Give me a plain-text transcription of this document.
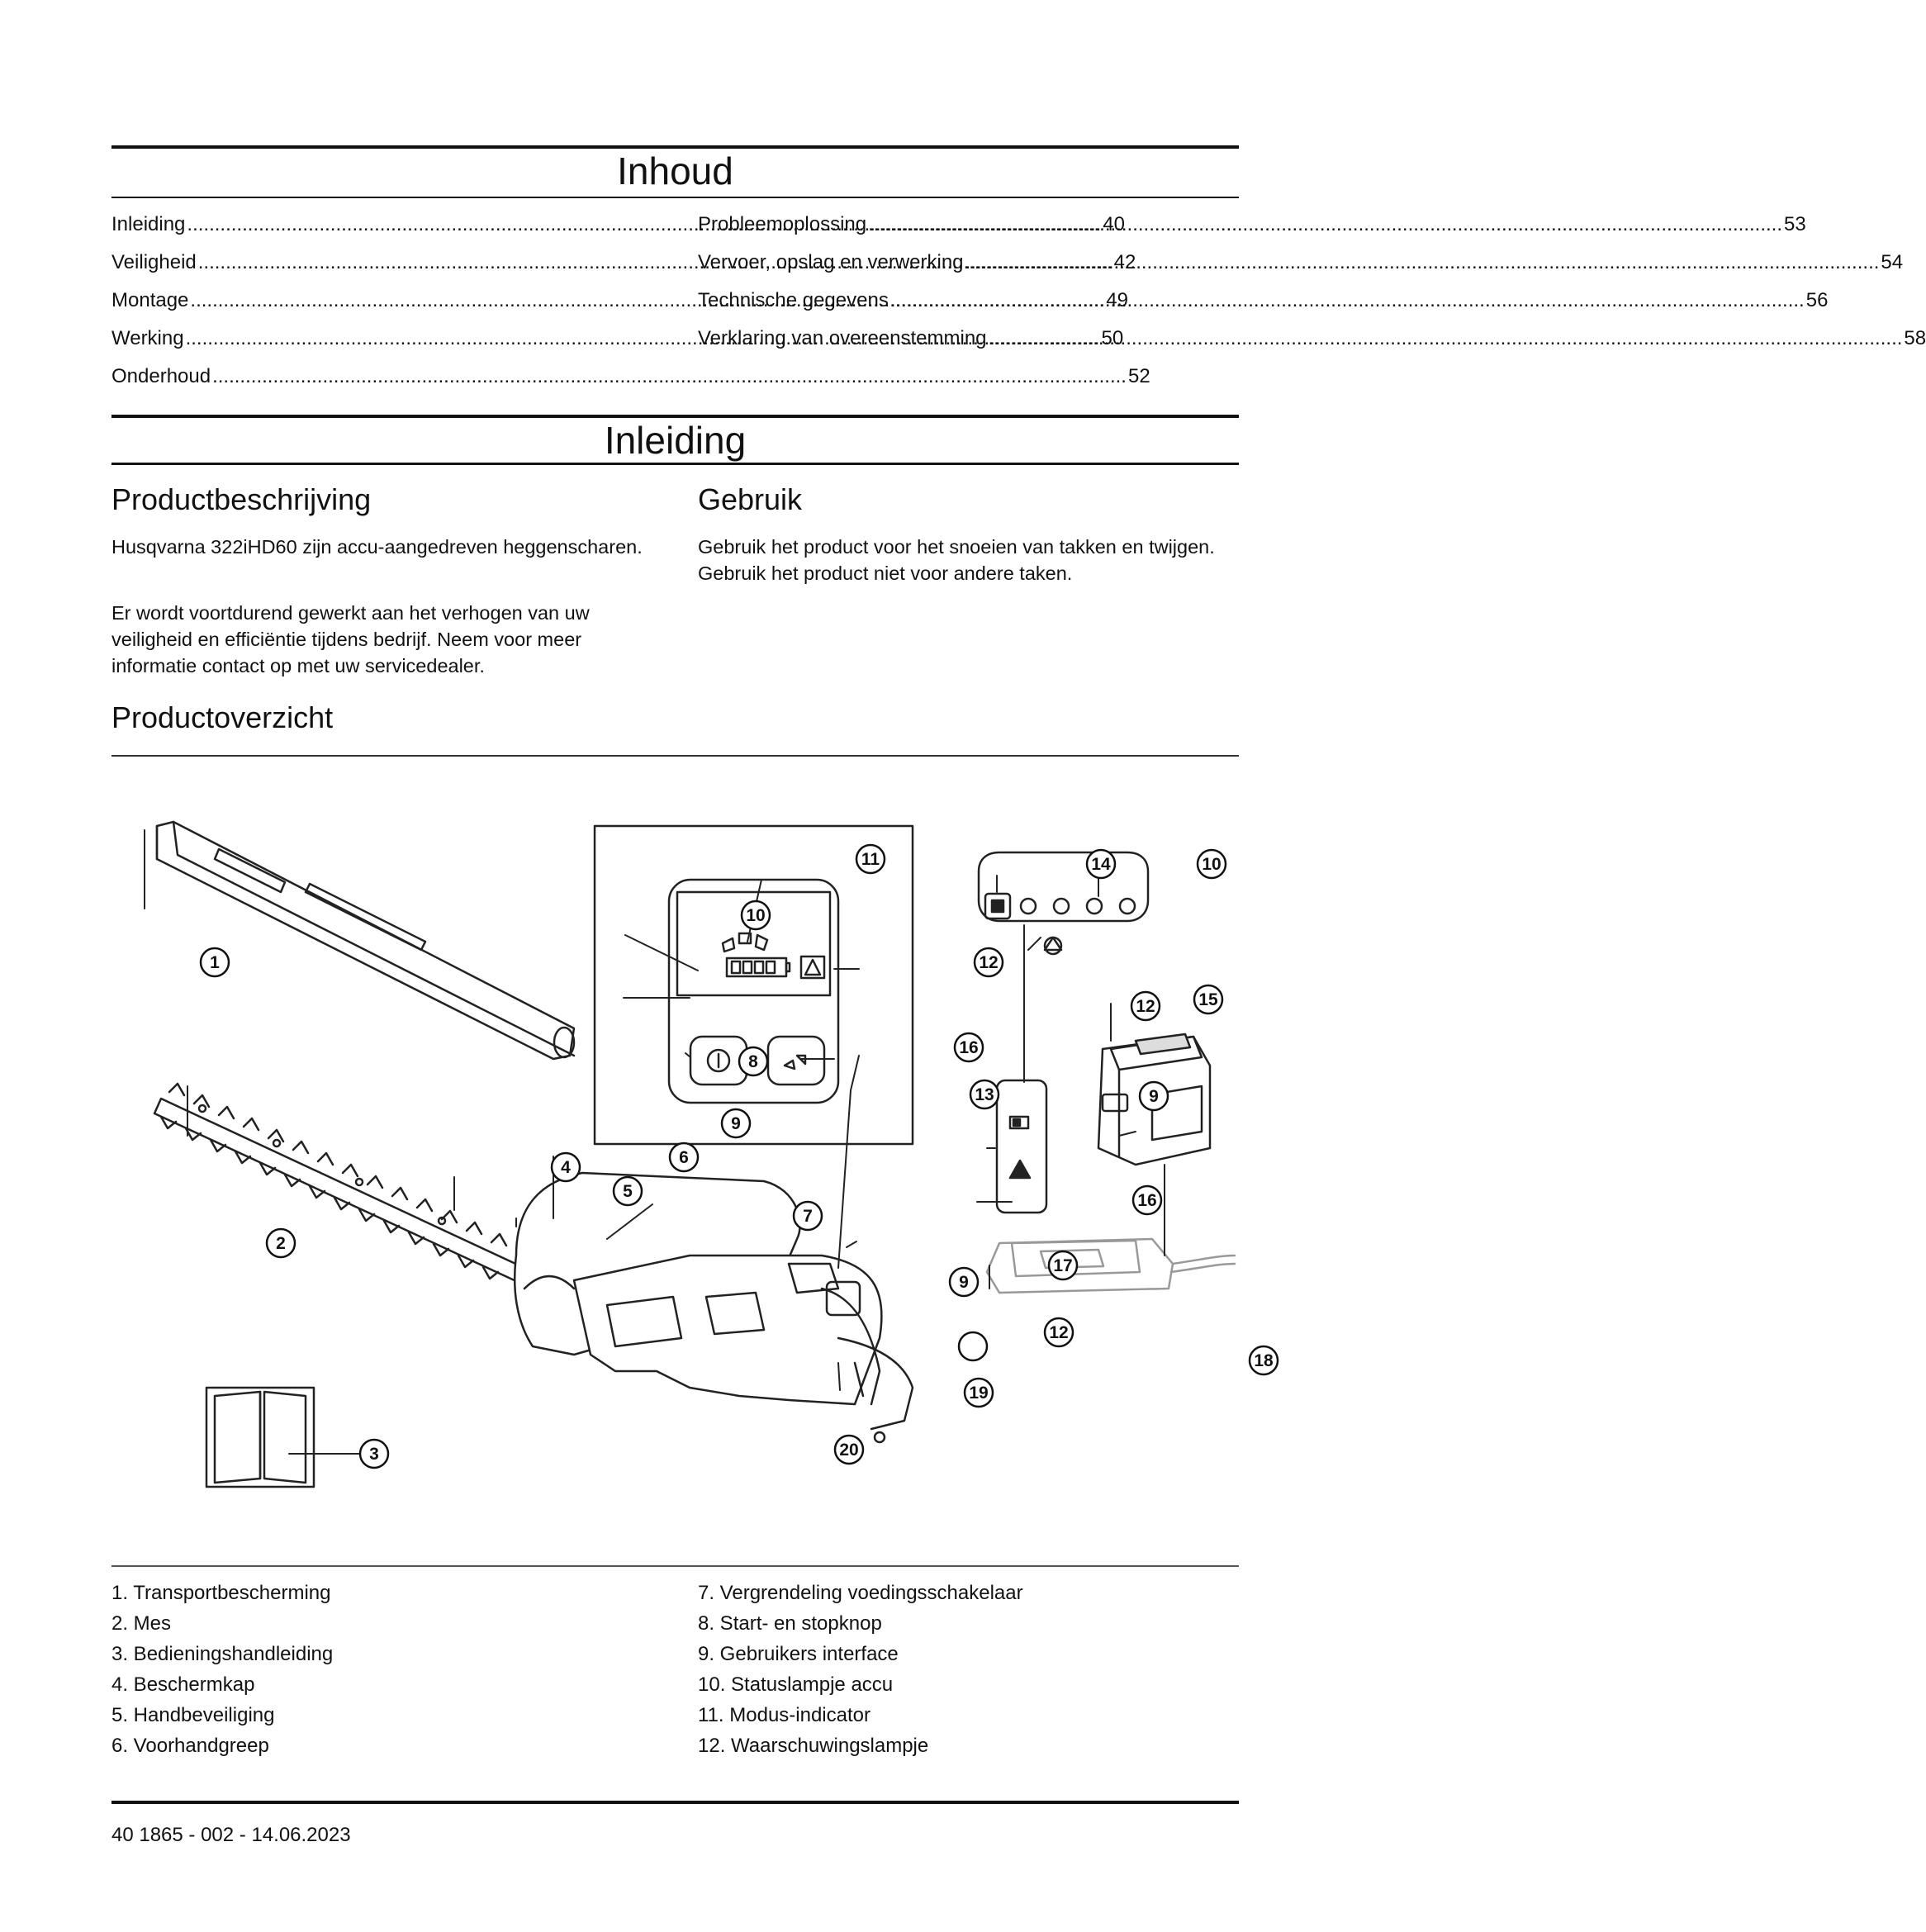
Inhoud
Inleiding .....	40
Veiligheid .....	42
Montage .....	49
Werking .....	50
Onderhoud .....	52
Probleemoplossing .....	53
Vervoer, opslag en verwerking .....	54
Technische gegevens .....	56
Verklaring van overeenstemming .....	58
Inleiding
Productbeschrijving
Husqvarna 322iHD60 zijn accu-aangedreven heggenscharen.
Er wordt voortdurend gewerkt aan het verhogen van uw veiligheid en efficiëntie tijdens bedrijf. Neem voor meer informatie contact op met uw servicedealer.
Gebruik
Gebruik het product voor het snoeien van takken en twijgen. Gebruik het product niet voor andere taken.
Productoverzicht
1
2
3
4
5
6
7
8
9
10
11
12
13
14	10
15
12
16
16
9
17
12
9
18
19
20
1. Transportbescherming
2. Mes
3. Bedieningshandleiding
4. Beschermkap
5. Handbeveiliging
6. Voorhandgreep
7. Vergrendeling voedingsschakelaar
8. Start- en stopknop
9. Gebruikers interface
10. Statuslampje accu
11. Modus-indicator
12. Waarschuwingslampje
40 1865 - 002 - 14.06.2023
